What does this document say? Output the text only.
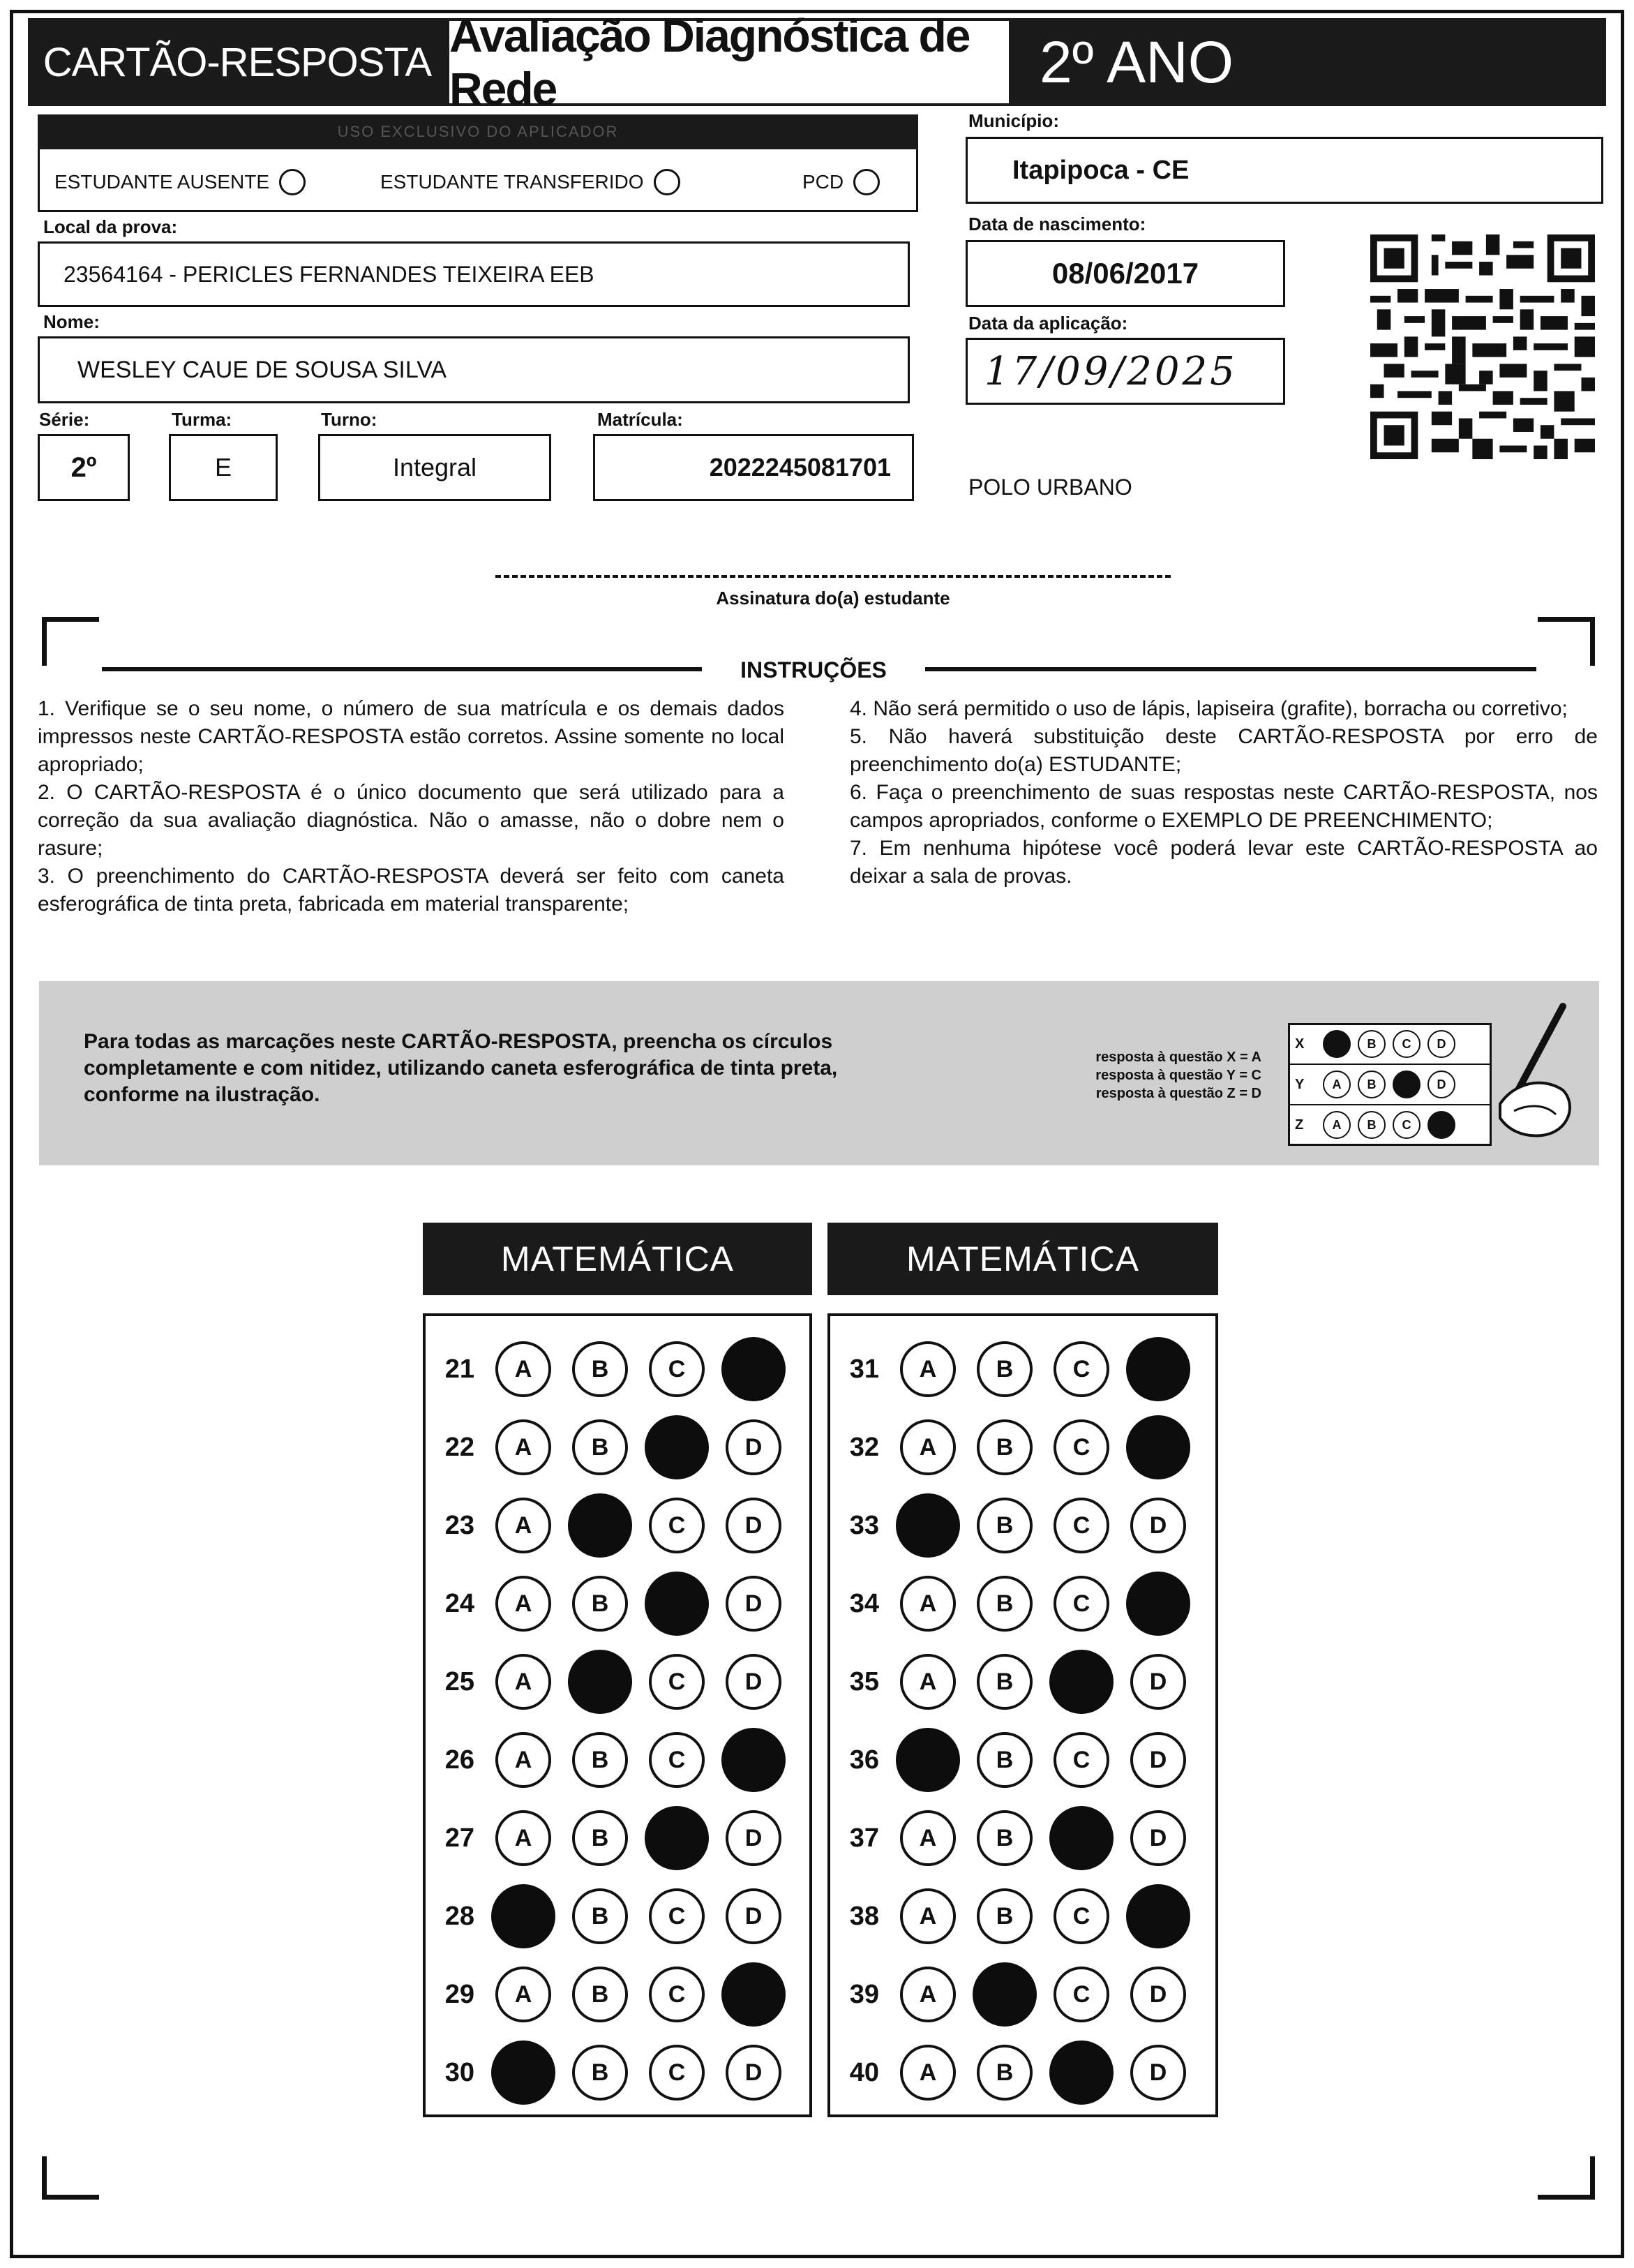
CARTÃO-RESPOSTA
Avaliação Diagnóstica de Rede	2º ANO
USO EXCLUSIVO DO APLICADOR
ESTUDANTE AUSENTE	ESTUDANTE TRANSFERIDO	PCD
Local da prova:
23564164 - PERICLES FERNANDES TEIXEIRA EEB
Nome:
WESLEY CAUE DE SOUSA SILVA
Série:
2º
Turma:
E
Turno:
Integral
Matrícula:
2022245081701
Município:
Itapipoca - CE
Data de nascimento:
08/06/2017
Data da aplicação:
17/09/2025
POLO URBANO
Assinatura do(a) estudante
INSTRUÇÕES
1. Verifique se o seu nome, o número de sua matrícula e os demais dados impressos neste CARTÃO-RESPOSTA estão corretos. Assine somente no local apropriado;
2. O CARTÃO-RESPOSTA é o único documento que será utilizado para a correção da sua avaliação diagnóstica. Não o amasse, não o dobre nem o rasure;
3. O preenchimento do CARTÃO-RESPOSTA deverá ser feito com caneta esferográfica de tinta preta, fabricada em material transparente;
4. Não será permitido o uso de lápis, lapiseira (grafite), borracha ou corretivo;
5. Não haverá substituição deste CARTÃO-RESPOSTA por erro de preenchimento do(a) ESTUDANTE;
6. Faça o preenchimento de suas respostas neste CARTÃO-RESPOSTA, nos campos apropriados, conforme o EXEMPLO DE PREENCHIMENTO;
7. Em nenhuma hipótese você poderá levar este CARTÃO-RESPOSTA ao deixar a sala de provas.
Para todas as marcações neste CARTÃO-RESPOSTA, preencha os círculos completamente e com nitidez, utilizando caneta esferográfica de tinta preta, conforme na ilustração.
resposta à questão X = A
resposta à questão Y = C
resposta à questão Z = D
X	A	B	C	D
Y	A	B	C	D
Z	A	B	C	D
MATEMÁTICA	MATEMÁTICA
21	A	B	C	D
22	A	B	C	D
23	A	B	C	D
24	A	B	C	D
25	A	B	C	D
26	A	B	C	D
27	A	B	C	D
28	A	B	C	D
29	A	B	C	D
30	A	B	C	D
31	A	B	C	D
32	A	B	C	D
33	A	B	C	D
34	A	B	C	D
35	A	B	C	D
36	A	B	C	D
37	A	B	C	D
38	A	B	C	D
39	A	B	C	D
40	A	B	C	D
